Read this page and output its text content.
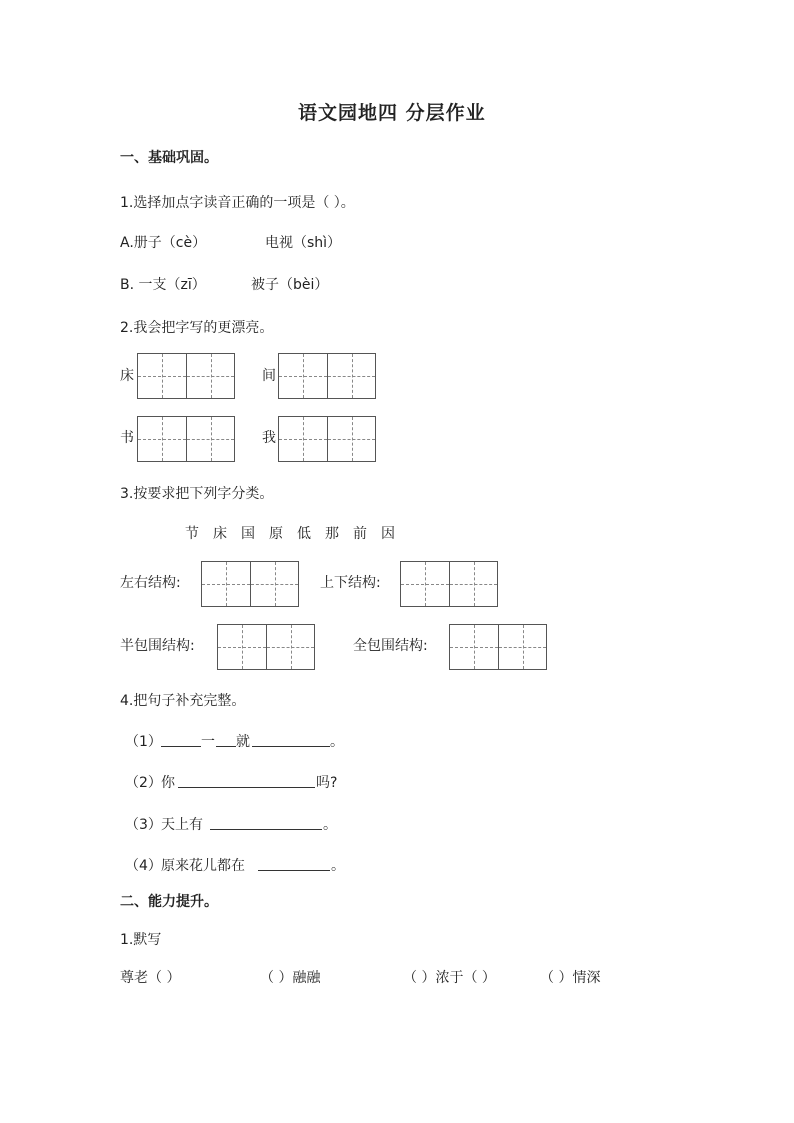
语文园地四 分层作业
一、基础巩固。
1.选择加点字读音正确的一项是（ ）。
A.册子（cè）	电视（shì）
B. 一支（zī）	被子（bèi）
2.我会把字写的更漂亮。
床	间
书	我
3.按要求把下列字分类。
节 床 国 原 低 那 前 因
左右结构:	上下结构:
半包围结构:	全包围结构:
4.把句子补充完整。
（1）	一 就	。
（2） 你	吗?
（3） 天上有	。
（4） 原来花儿都在	。
二、能力提升。
1.默写
尊老（ ）	（ ）融融	（ ）浓于（ ）	（ ）情深
